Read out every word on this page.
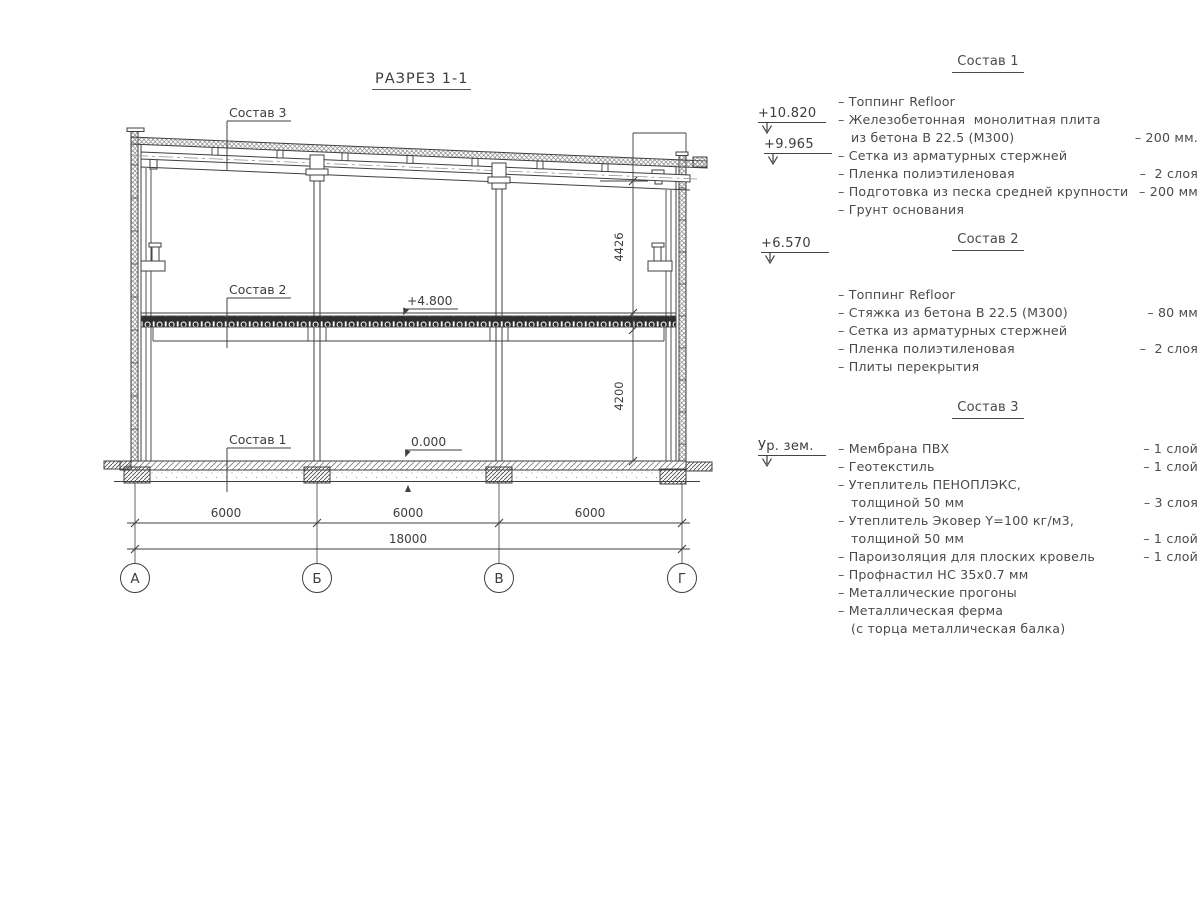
РАЗРЕЗ 1-1
Состав 3
Состав 2
Состав 1
+4.800
0.000
4426
4200
6000	6000	6000
18000
А	Б	В	Г
+10.820
+9.965
+6.570
Ур. зем.
Состав 1
– Топпинг Refloor
– Железобетонная  монолитная плита
из бетона В 22.5 (М300)	– 200 мм.
– Сетка из арматурных стержней
– Пленка полиэтиленовая	–  2 слоя
– Подготовка из песка средней крупности – 200 мм
– Грунт основания
Состав 2
– Топпинг Refloor
– Стяжка из бетона В 22.5 (М300)	– 80 мм
– Сетка из арматурных стержней
– Пленка полиэтиленовая	–  2 слоя
– Плиты перекрытия
Состав 3
– Мембрана ПВХ	– 1 слой
– Геотекстиль	– 1 слой
– Утеплитель ПЕНОПЛЭКС,
толщиной 50 мм	– 3 слоя
– Утеплитель Эковер Y=100 кг/м3,
толщиной 50 мм	– 1 слой
– Пароизоляция для плоских кровель	– 1 слой
– Профнастил НС 35х0.7 мм
– Металлические прогоны
– Металлическая ферма
(с торца металлическая балка)
